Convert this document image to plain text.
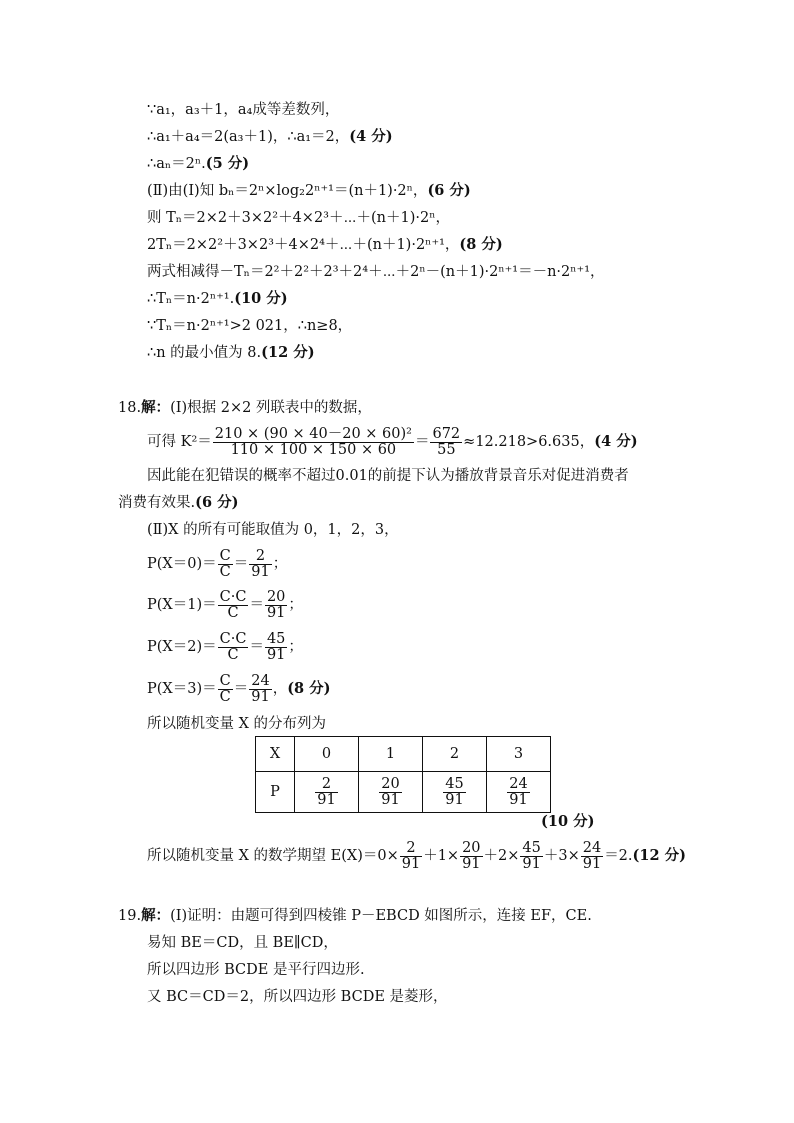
∵a₁，a₃＋1，a₄成等差数列，
∴a₁＋a₄＝2(a₃＋1)，∴a₁＝2，(4 分)
∴aₙ＝2ⁿ.(5 分)
(Ⅱ)由(Ⅰ)知 bₙ＝2ⁿ×log₂2ⁿ⁺¹＝(n＋1)·2ⁿ，(6 分)
则 Tₙ＝2×2＋3×2²＋4×2³＋⋯＋(n＋1)·2ⁿ，
2Tₙ＝2×2²＋3×2³＋4×2⁴＋⋯＋(n＋1)·2ⁿ⁺¹，(8 分)
两式相减得－Tₙ＝2²＋2²＋2³＋2⁴＋⋯＋2ⁿ－(n＋1)·2ⁿ⁺¹＝－n·2ⁿ⁺¹，
∴Tₙ＝n·2ⁿ⁺¹.(10 分)
∵Tₙ＝n·2ⁿ⁺¹>2 021，∴n≥8，
∴n 的最小值为 8.(12 分)
18.解：(Ⅰ)根据 2×2 列联表中的数据，
可得 $K^2= \frac{\text{210 × (90 × 40－20 × 60)²}}{110 \times 100 \times 150 \times 60} = \frac{672}{55} \approx 12.218>6.635$，(4 分)
因此能在犯错误的概率不超过0.01的前提下认为播放背景音乐对促进消费者
消费有效果.(6 分)
(Ⅱ)X 的所有可能取值为 0，1，2，3，
$P(X=0)= \frac{C}{C} = \frac{2}{91}$ ；
$P(X=1)= \frac{C\cdot C}{C} = \frac{20}{91}$ ；
$P(X=2)= \frac{C\cdot C}{C} = \frac{45}{91}$ ；
$P(X=3)= \frac{C}{C} = \frac{24}{91}$ ，(8 分)
所以随机变量 X 的分布列为
X	0	1	2	3
P	$\frac{2}{91}$	$\frac{20}{91}$	$\frac{45}{91}$	$\frac{24}{91}$
(10 分)
所以随机变量 X 的数学期望 $E(X)=0\times \frac{2}{91} +1\times \frac{20}{91} +2\times \frac{45}{91} +3\times \frac{24}{91} =2.(12$ 分)
19.解：(Ⅰ)证明：由题可得到四棱锥 P－EBCD 如图所示，连接 EF，CE.
易知 BE＝CD，且 BE∥CD，
所以四边形 BCDE 是平行四边形.
又 BC＝CD＝2，所以四边形 BCDE 是菱形，
